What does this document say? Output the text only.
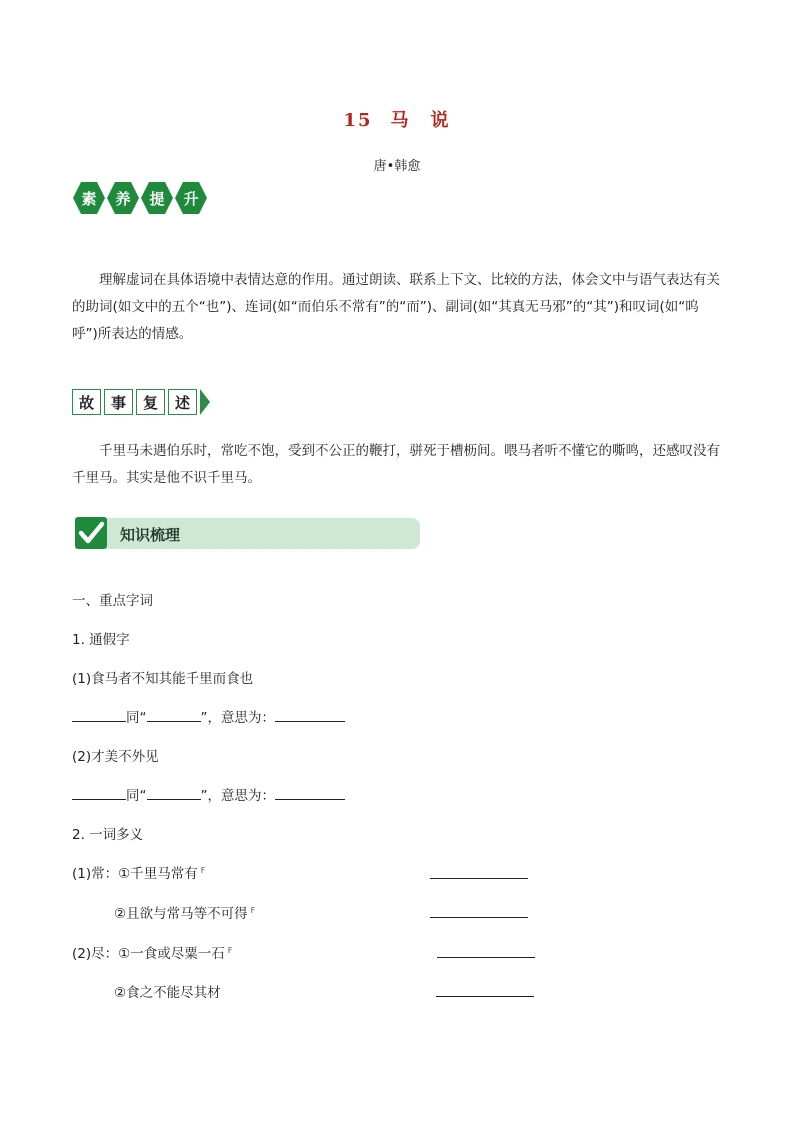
15 马 说
唐•韩愈
素 养 提 升
理解虚词在具体语境中表情达意的作用。通过朗读、联系上下文、比较的方法，体会文中与语气表达有关的助词(如文中的五个“也”)、连词(如“而伯乐不常有”的“而”)、副词(如“其真无马邪”的“其”)和叹词(如“呜呼”)所表达的情感。
故	事	复	述
千里马未遇伯乐时，常吃不饱，受到不公正的鞭打，骈死于槽枥间。喂马者听不懂它的嘶鸣，还感叹没有千里马。其实是他不识千里马。
知识梳理
一、重点字词
1. 通假字
(1)食马者不知其能千里而食也
同“	”，意思为：
(2)才美不外见
同“	”，意思为：
2. 一词多义
(1)常：①千里马常有 $^F$
②且欲与常马等不可得 $^F$
(2)尽：①一食或尽粟一石 $^F$
②食之不能尽其材
